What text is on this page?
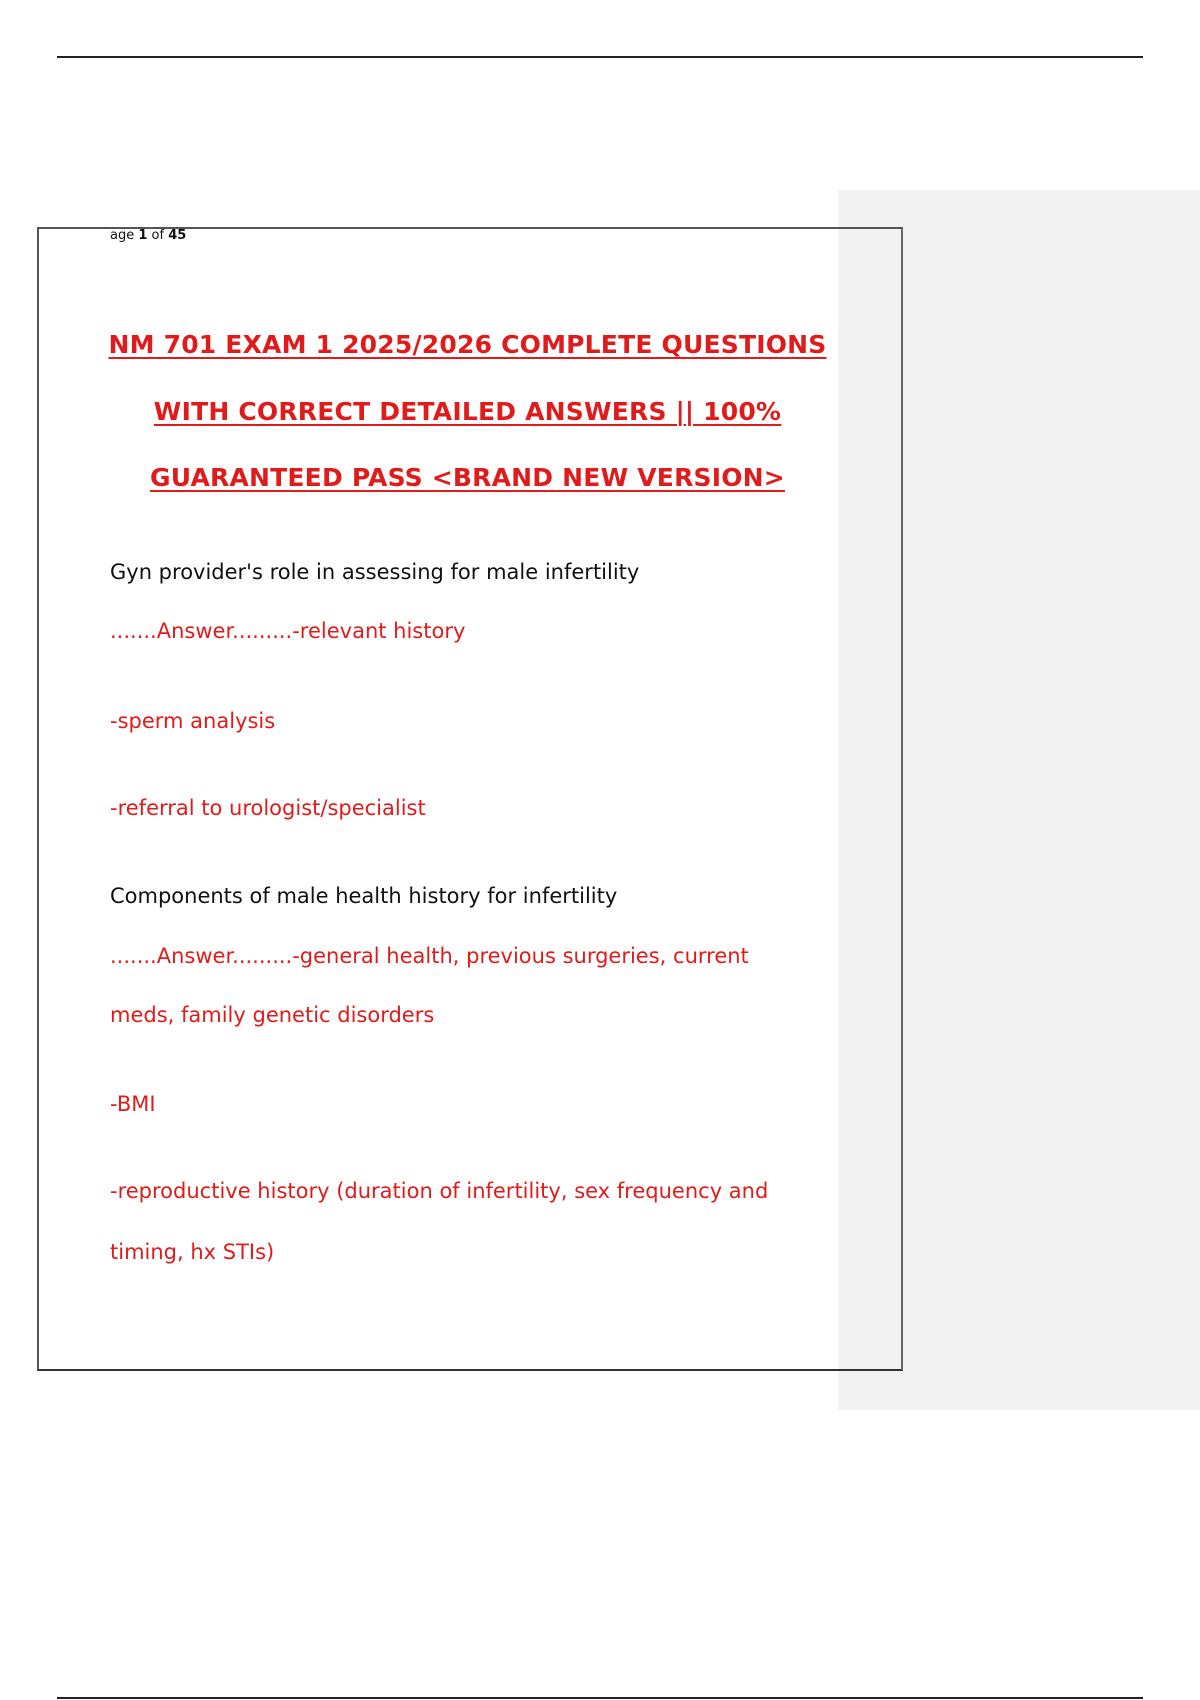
age 1 of 45
NM 701 EXAM 1 2025/2026 COMPLETE QUESTIONS
WITH CORRECT DETAILED ANSWERS || 100%
GUARANTEED PASS <BRAND NEW VERSION>
Gyn provider's role in assessing for male infertility
.......Answer.........-relevant history
-sperm analysis
-referral to urologist/specialist
Components of male health history for infertility
.......Answer.........-general health, previous surgeries, current
meds, family genetic disorders
-BMI
-reproductive history (duration of infertility, sex frequency and
timing, hx STIs)
